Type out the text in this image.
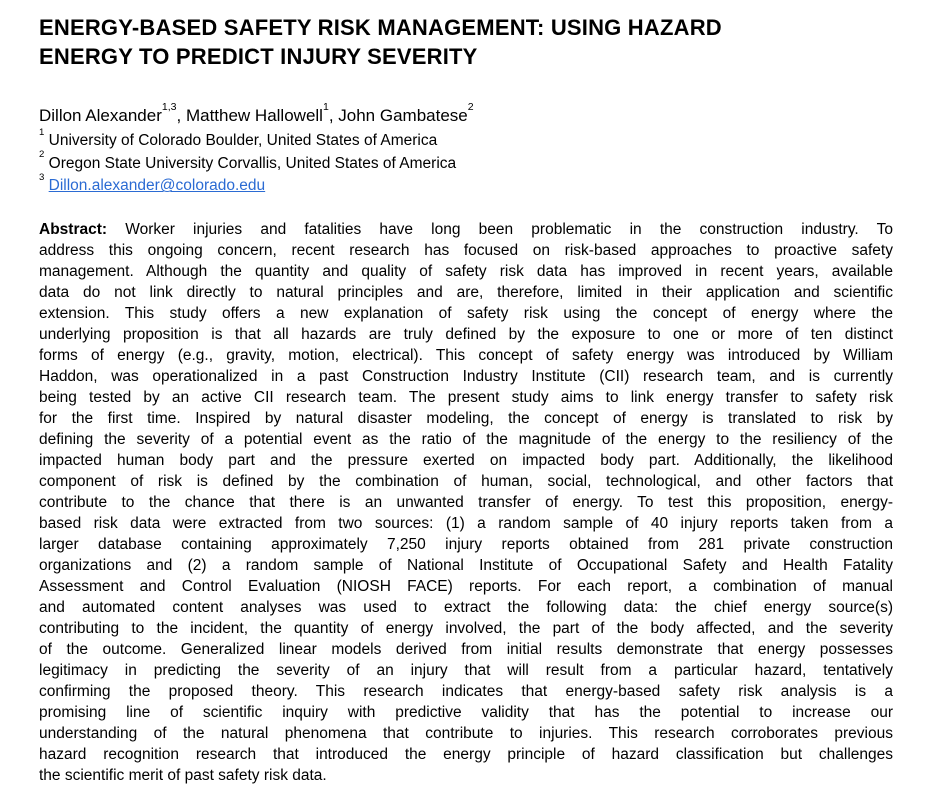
ENERGY-BASED SAFETY RISK MANAGEMENT: USING HAZARD
ENERGY TO PREDICT INJURY SEVERITY
Dillon Alexander$^{1,3}$, Matthew Hallowell$^1$, John Gambatese$^2$
$^1$ University of Colorado Boulder, United States of America
$^2$ Oregon State University Corvallis, United States of America
$^3$ Dillon.alexander@colorado.edu
Abstract: Worker injuries and fatalities have long been problematic in the construction industry. To
address this ongoing concern, recent research has focused on risk-based approaches to proactive safety
management. Although the quantity and quality of safety risk data has improved in recent years, available
data do not link directly to natural principles and are, therefore, limited in their application and scientific
extension. This study offers a new explanation of safety risk using the concept of energy where the
underlying proposition is that all hazards are truly defined by the exposure to one or more of ten distinct
forms of energy (e.g., gravity, motion, electrical). This concept of safety energy was introduced by William
Haddon, was operationalized in a past Construction Industry Institute (CII) research team, and is currently
being tested by an active CII research team. The present study aims to link energy transfer to safety risk
for the first time. Inspired by natural disaster modeling, the concept of energy is translated to risk by
defining the severity of a potential event as the ratio of the magnitude of the energy to the resiliency of the
impacted human body part and the pressure exerted on impacted body part. Additionally, the likelihood
component of risk is defined by the combination of human, social, technological, and other factors that
contribute to the chance that there is an unwanted transfer of energy. To test this proposition, energy-
based risk data were extracted from two sources: (1) a random sample of 40 injury reports taken from a
larger database containing approximately 7,250 injury reports obtained from 281 private construction
organizations and (2) a random sample of National Institute of Occupational Safety and Health Fatality
Assessment and Control Evaluation (NIOSH FACE) reports. For each report, a combination of manual
and automated content analyses was used to extract the following data: the chief energy source(s)
contributing to the incident, the quantity of energy involved, the part of the body affected, and the severity
of the outcome. Generalized linear models derived from initial results demonstrate that energy possesses
legitimacy in predicting the severity of an injury that will result from a particular hazard, tentatively
confirming the proposed theory. This research indicates that energy-based safety risk analysis is a
promising line of scientific inquiry with predictive validity that has the potential to increase our
understanding of the natural phenomena that contribute to injuries. This research corroborates previous
hazard recognition research that introduced the energy principle of hazard classification but challenges
the scientific merit of past safety risk data.
